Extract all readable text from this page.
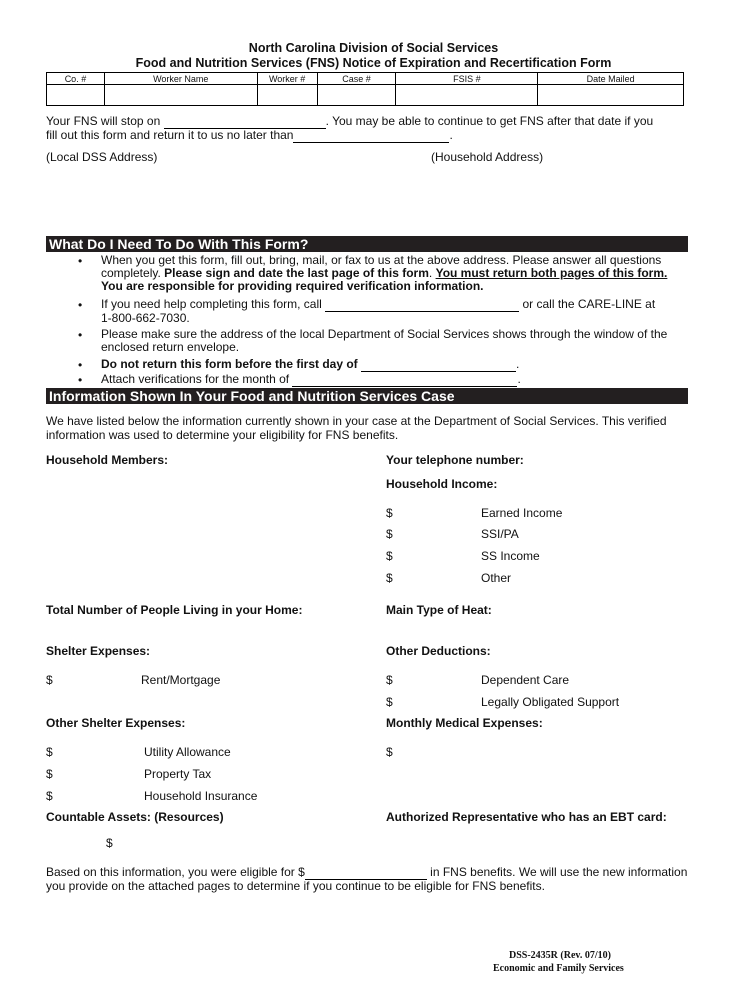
North Carolina Division of Social Services
Food and Nutrition Services (FNS) Notice of Expiration and Recertification Form
Co. #	Worker Name	Worker #	Case #	FSIS #	Date Mailed

Your FNS will stop on	. You may be able to continue to get FNS after that date if you
fill out this form and return it to us no later than	.
(Local DSS Address)	(Household Address)
What Do I Need To Do With This Form?
• When you get this form, fill out, bring, mail, or fax to us at the above address. Please answer all questions completely. Please sign and date the last page of this form. You must return both pages of this form. You are responsible for providing required verification information.
• If you need help completing this form, call	or call the CARE-LINE at
1-800-662-7030.
• Please make sure the address of the local Department of Social Services shows through the window of the enclosed return envelope.
• Do not return this form before the first day of	.
• Attach verifications for the month of	.
Information Shown In Your Food and Nutrition Services Case
We have listed below the information currently shown in your case at the Department of Social Services. This verified
information was used to determine your eligibility for FNS benefits.
Household Members:	Your telephone number:
Household Income:
$	Earned Income
$	SSI/PA
$	SS Income
$	Other
Total Number of People Living in your Home:	Main Type of Heat:
Shelter Expenses:	Other Deductions:
$	Rent/Mortgage	$	Dependent Care
$	Legally Obligated Support
Other Shelter Expenses:	Monthly Medical Expenses:
$	Utility Allowance	$
$	Property Tax
$	Household Insurance
Countable Assets: (Resources)	Authorized Representative who has an EBT card:
$
Based on this information, you were eligible for $	in FNS benefits. We will use the new information
you provide on the attached pages to determine if you continue to be eligible for FNS benefits.
DSS-2435R (Rev. 07/10)
Economic and Family Services
